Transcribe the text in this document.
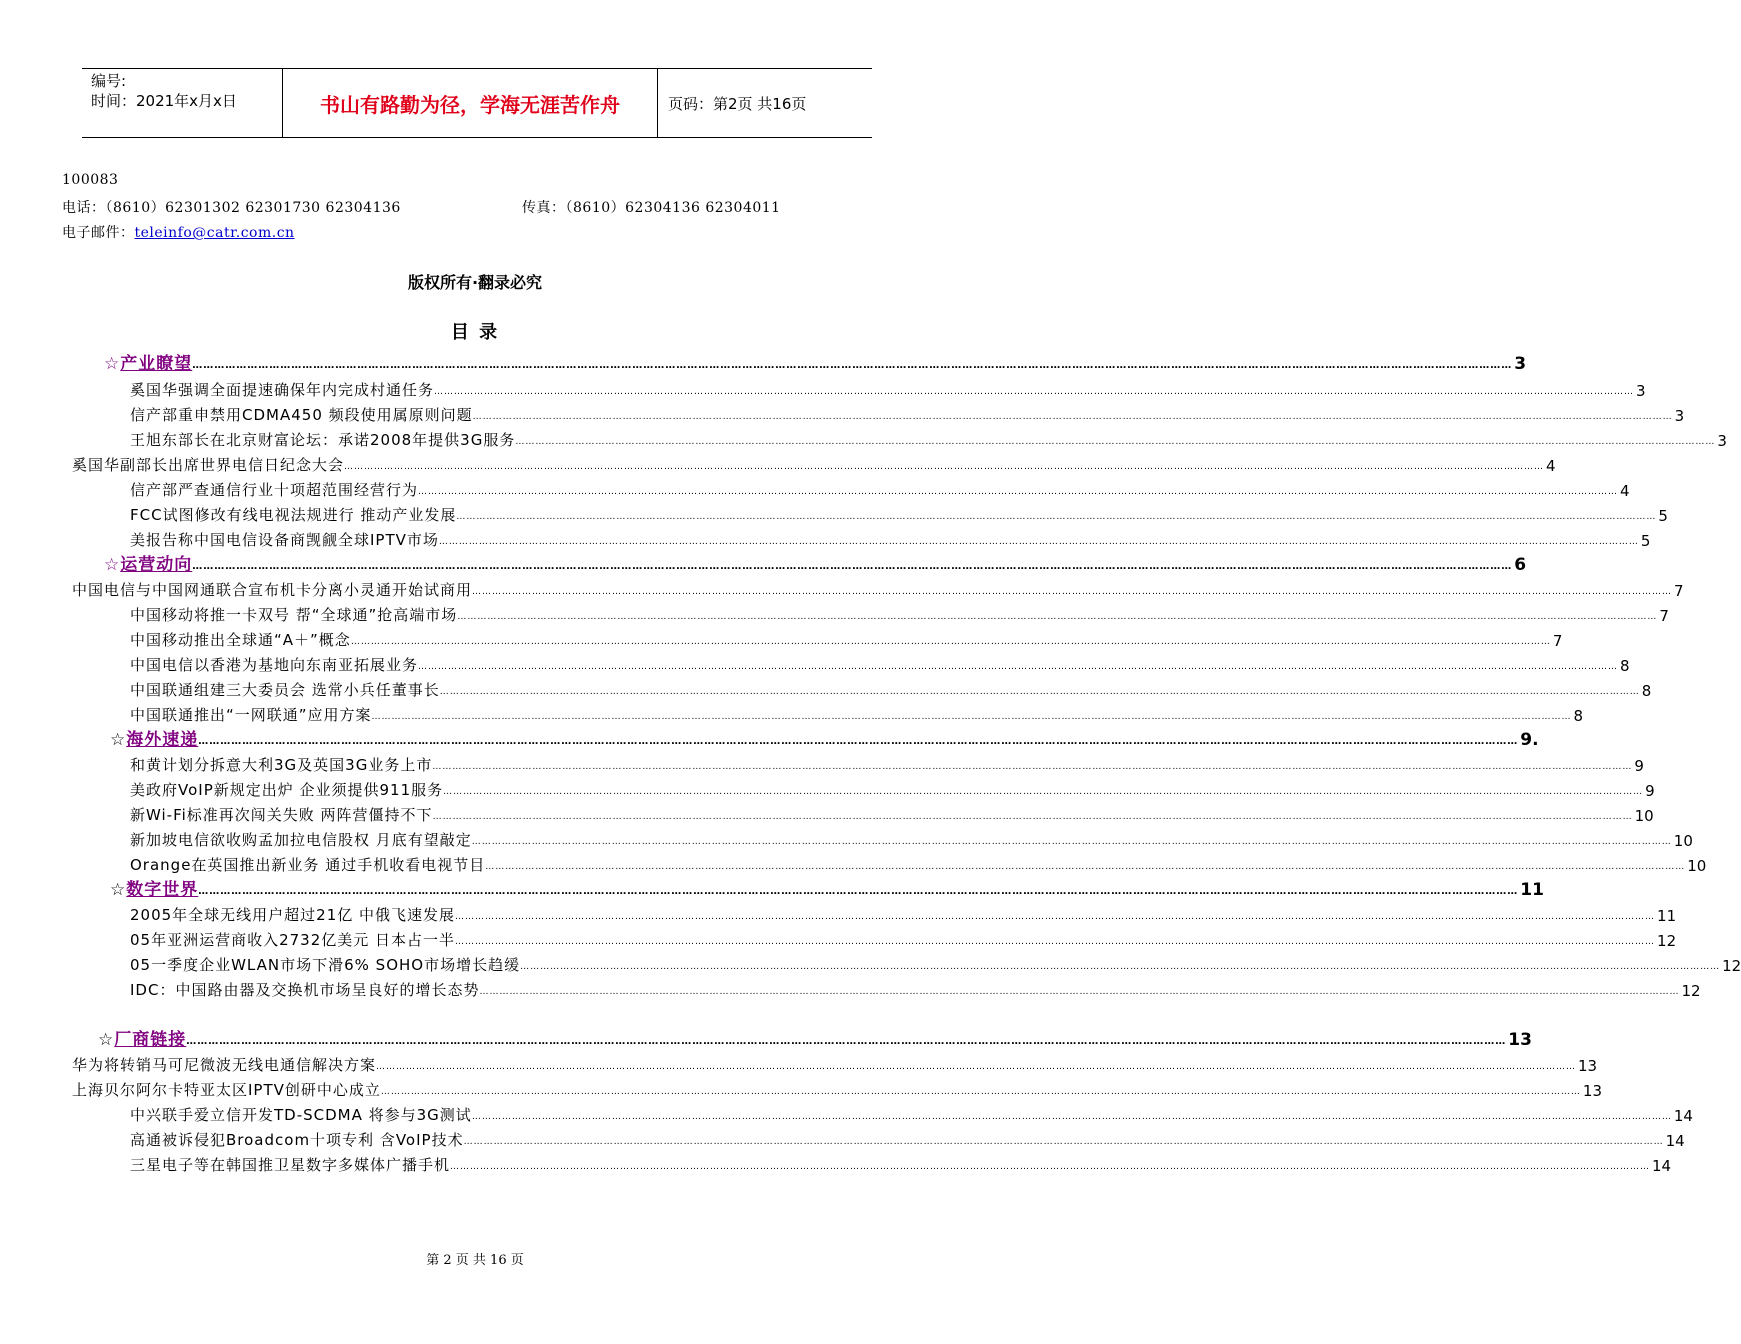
编号:
时间：2021年x月x日	书山有路勤为径，学海无涯苦作舟	页码：第2页 共16页
100083
电话：（8610）62301302 62301730 62304136	传真：（8610）62304136 62304011
电子邮件：teleinfo@catr.com.cn
版权所有·翻录必究
目 录
☆产业瞭望 ……………………………………………………………………………………………………………………………………………………………………………………………………………………………………………………………………………………………………………………………… 3
奚国华强调全面提速确保年内完成村通任务 ……………………………………………………………………………………………………………………………………………………………………………………………………………………………………………………………………………………………………………………………… 3
信产部重申禁用CDMA450 频段使用属原则问题 ……………………………………………………………………………………………………………………………………………………………………………………………………………………………………………………………………………………………………………………………… 3
王旭东部长在北京财富论坛：承诺2008年提供3G服务 ……………………………………………………………………………………………………………………………………………………………………………………………………………………………………………………………………………………………………………………………… 3
奚国华副部长出席世界电信日纪念大会 ……………………………………………………………………………………………………………………………………………………………………………………………………………………………………………………………………………………………………………………………… 4
信产部严查通信行业十项超范围经营行为 ……………………………………………………………………………………………………………………………………………………………………………………………………………………………………………………………………………………………………………………………… 4
FCC试图修改有线电视法规进行 推动产业发展 ……………………………………………………………………………………………………………………………………………………………………………………………………………………………………………………………………………………………………………………………… 5
美报告称中国电信设备商觊觎全球IPTV市场 ……………………………………………………………………………………………………………………………………………………………………………………………………………………………………………………………………………………………………………………………… 5
☆运营动向 ……………………………………………………………………………………………………………………………………………………………………………………………………………………………………………………………………………………………………………………………… 6
中国电信与中国网通联合宣布机卡分离小灵通开始试商用 ……………………………………………………………………………………………………………………………………………………………………………………………………………………………………………………………………………………………………………………………… 7
中国移动将推一卡双号 帮“全球通”抢高端市场 ……………………………………………………………………………………………………………………………………………………………………………………………………………………………………………………………………………………………………………………………… 7
中国移动推出全球通“A＋”概念 ……………………………………………………………………………………………………………………………………………………………………………………………………………………………………………………………………………………………………………………………… 7
中国电信以香港为基地向东南亚拓展业务 ……………………………………………………………………………………………………………………………………………………………………………………………………………………………………………………………………………………………………………………………… 8
中国联通组建三大委员会 选常小兵任董事长 ……………………………………………………………………………………………………………………………………………………………………………………………………………………………………………………………………………………………………………………………… 8
中国联通推出“一网联通”应用方案 ……………………………………………………………………………………………………………………………………………………………………………………………………………………………………………………………………………………………………………………………… 8
☆海外速递 ……………………………………………………………………………………………………………………………………………………………………………………………………………………………………………………………………………………………………………………………… 9.
和黄计划分拆意大利3G及英国3G业务上市 ……………………………………………………………………………………………………………………………………………………………………………………………………………………………………………………………………………………………………………………………… 9
美政府VoIP新规定出炉 企业须提供911服务 ……………………………………………………………………………………………………………………………………………………………………………………………………………………………………………………………………………………………………………………………… 9
新Wi-Fi标准再次闯关失败 两阵营僵持不下 ……………………………………………………………………………………………………………………………………………………………………………………………………………………………………………………………………………………………………………………………… 10
新加坡电信欲收购孟加拉电信股权 月底有望敲定 ……………………………………………………………………………………………………………………………………………………………………………………………………………………………………………………………………………………………………………………………… 10
Orange在英国推出新业务 通过手机收看电视节目 ……………………………………………………………………………………………………………………………………………………………………………………………………………………………………………………………………………………………………………………………… 10
☆数字世界 ……………………………………………………………………………………………………………………………………………………………………………………………………………………………………………………………………………………………………………………………… 11
2005年全球无线用户超过21亿 中俄飞速发展 ……………………………………………………………………………………………………………………………………………………………………………………………………………………………………………………………………………………………………………………………… 11
05年亚洲运营商收入2732亿美元 日本占一半 ……………………………………………………………………………………………………………………………………………………………………………………………………………………………………………………………………………………………………………………………… 12
05一季度企业WLAN市场下滑6% SOHO市场增长趋缓 ……………………………………………………………………………………………………………………………………………………………………………………………………………………………………………………………………………………………………………………………… 12
IDC：中国路由器及交换机市场呈良好的增长态势 ……………………………………………………………………………………………………………………………………………………………………………………………………………………………………………………………………………………………………………………………… 12
☆厂商链接 ……………………………………………………………………………………………………………………………………………………………………………………………………………………………………………………………………………………………………………………………… 13
华为将转销马可尼微波无线电通信解决方案 ……………………………………………………………………………………………………………………………………………………………………………………………………………………………………………………………………………………………………………………………… 13
上海贝尔阿尔卡特亚太区IPTV创研中心成立 ……………………………………………………………………………………………………………………………………………………………………………………………………………………………………………………………………………………………………………………………… 13
中兴联手爱立信开发TD-SCDMA 将参与3G测试 ……………………………………………………………………………………………………………………………………………………………………………………………………………………………………………………………………………………………………………………………… 14
高通被诉侵犯Broadcom十项专利 含VoIP技术 ……………………………………………………………………………………………………………………………………………………………………………………………………………………………………………………………………………………………………………………………… 14
三星电子等在韩国推卫星数字多媒体广播手机 ……………………………………………………………………………………………………………………………………………………………………………………………………………………………………………………………………………………………………………………………… 14
第 2 页 共 16 页
